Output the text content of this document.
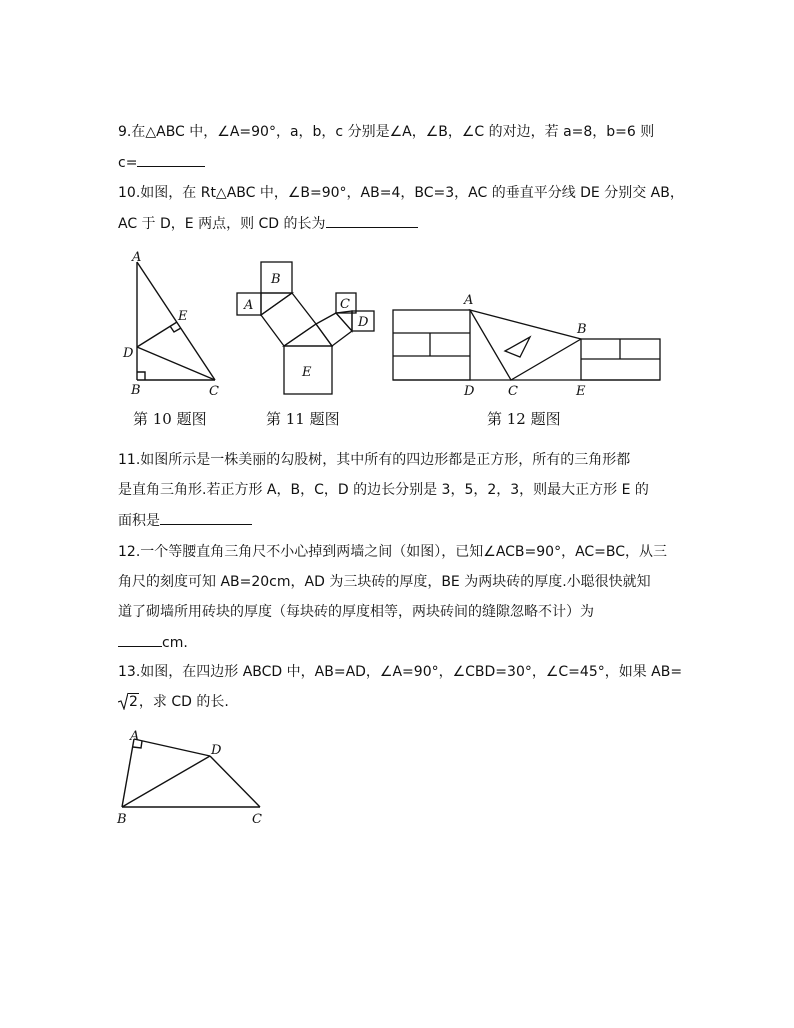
9.在△ABC 中，∠A=90°，a，b，c 分别是∠A，∠B，∠C 的对边，若 a=8，b=6 则
c=
10.如图，在 Rt△ABC 中，∠B=90°，AB=4，BC=3，AC 的垂直平分线 DE 分别交 AB，
AC 于 D，E 两点，则 CD 的长为
A
E
D
B	C
第 10 题图
B
A	C
D
E
第 11 题图
A
B
D	C	E
第 12 题图
11.如图所示是一株美丽的勾股树，其中所有的四边形都是正方形，所有的三角形都
是直角三角形.若正方形 A，B，C，D 的边长分别是 3，5，2，3，则最大正方形 E 的
面积是
12.一个等腰直角三角尺不小心掉到两墙之间（如图），已知∠ACB=90°，AC=BC，从三
角尺的刻度可知 AB=20cm，AD 为三块砖的厚度，BE 为两块砖的厚度.小聪很快就知
道了砌墙所用砖块的厚度（每块砖的厚度相等，两块砖间的缝隙忽略不计）为
cm.
13.如图，在四边形 ABCD 中，AB=AD，∠A=90°，∠CBD=30°，∠C=45°，如果 AB=
2，求 CD 的长.
A
D
B	C
